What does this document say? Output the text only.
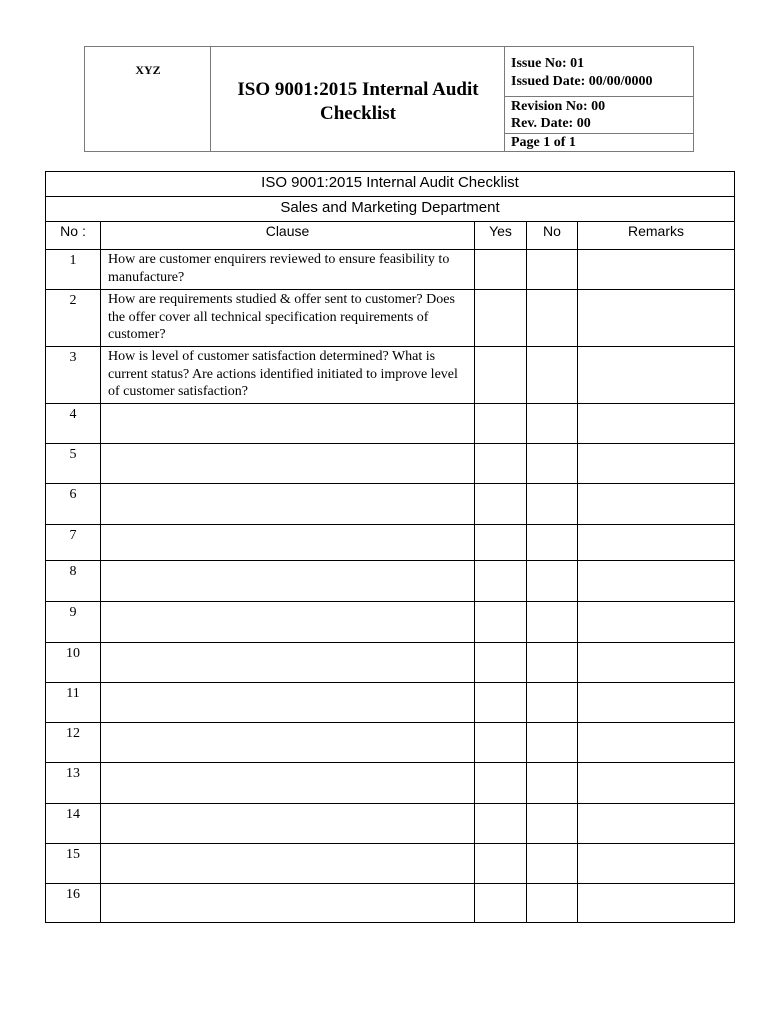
XYZ
ISO 9001:2015 Internal Audit Checklist
Issue No: 01
Issued Date: 00/00/0000
Revision No: 00
Rev. Date: 00
Page 1 of 1
ISO 9001:2015 Internal Audit Checklist				
Sales and Marketing Department				
No :	Clause	Yes	No	Remarks
1	How are customer enquirers reviewed to ensure feasibility to manufacture?			
2	How are requirements studied & offer sent to customer? Does the offer cover all technical specification requirements of customer?			
3	How is level of customer satisfaction determined? What is current status? Are actions identified initiated to improve level of customer satisfaction?			
4				
5				
6				
7				
8				
9				
10				
11				
12				
13				
14				
15				
16				
